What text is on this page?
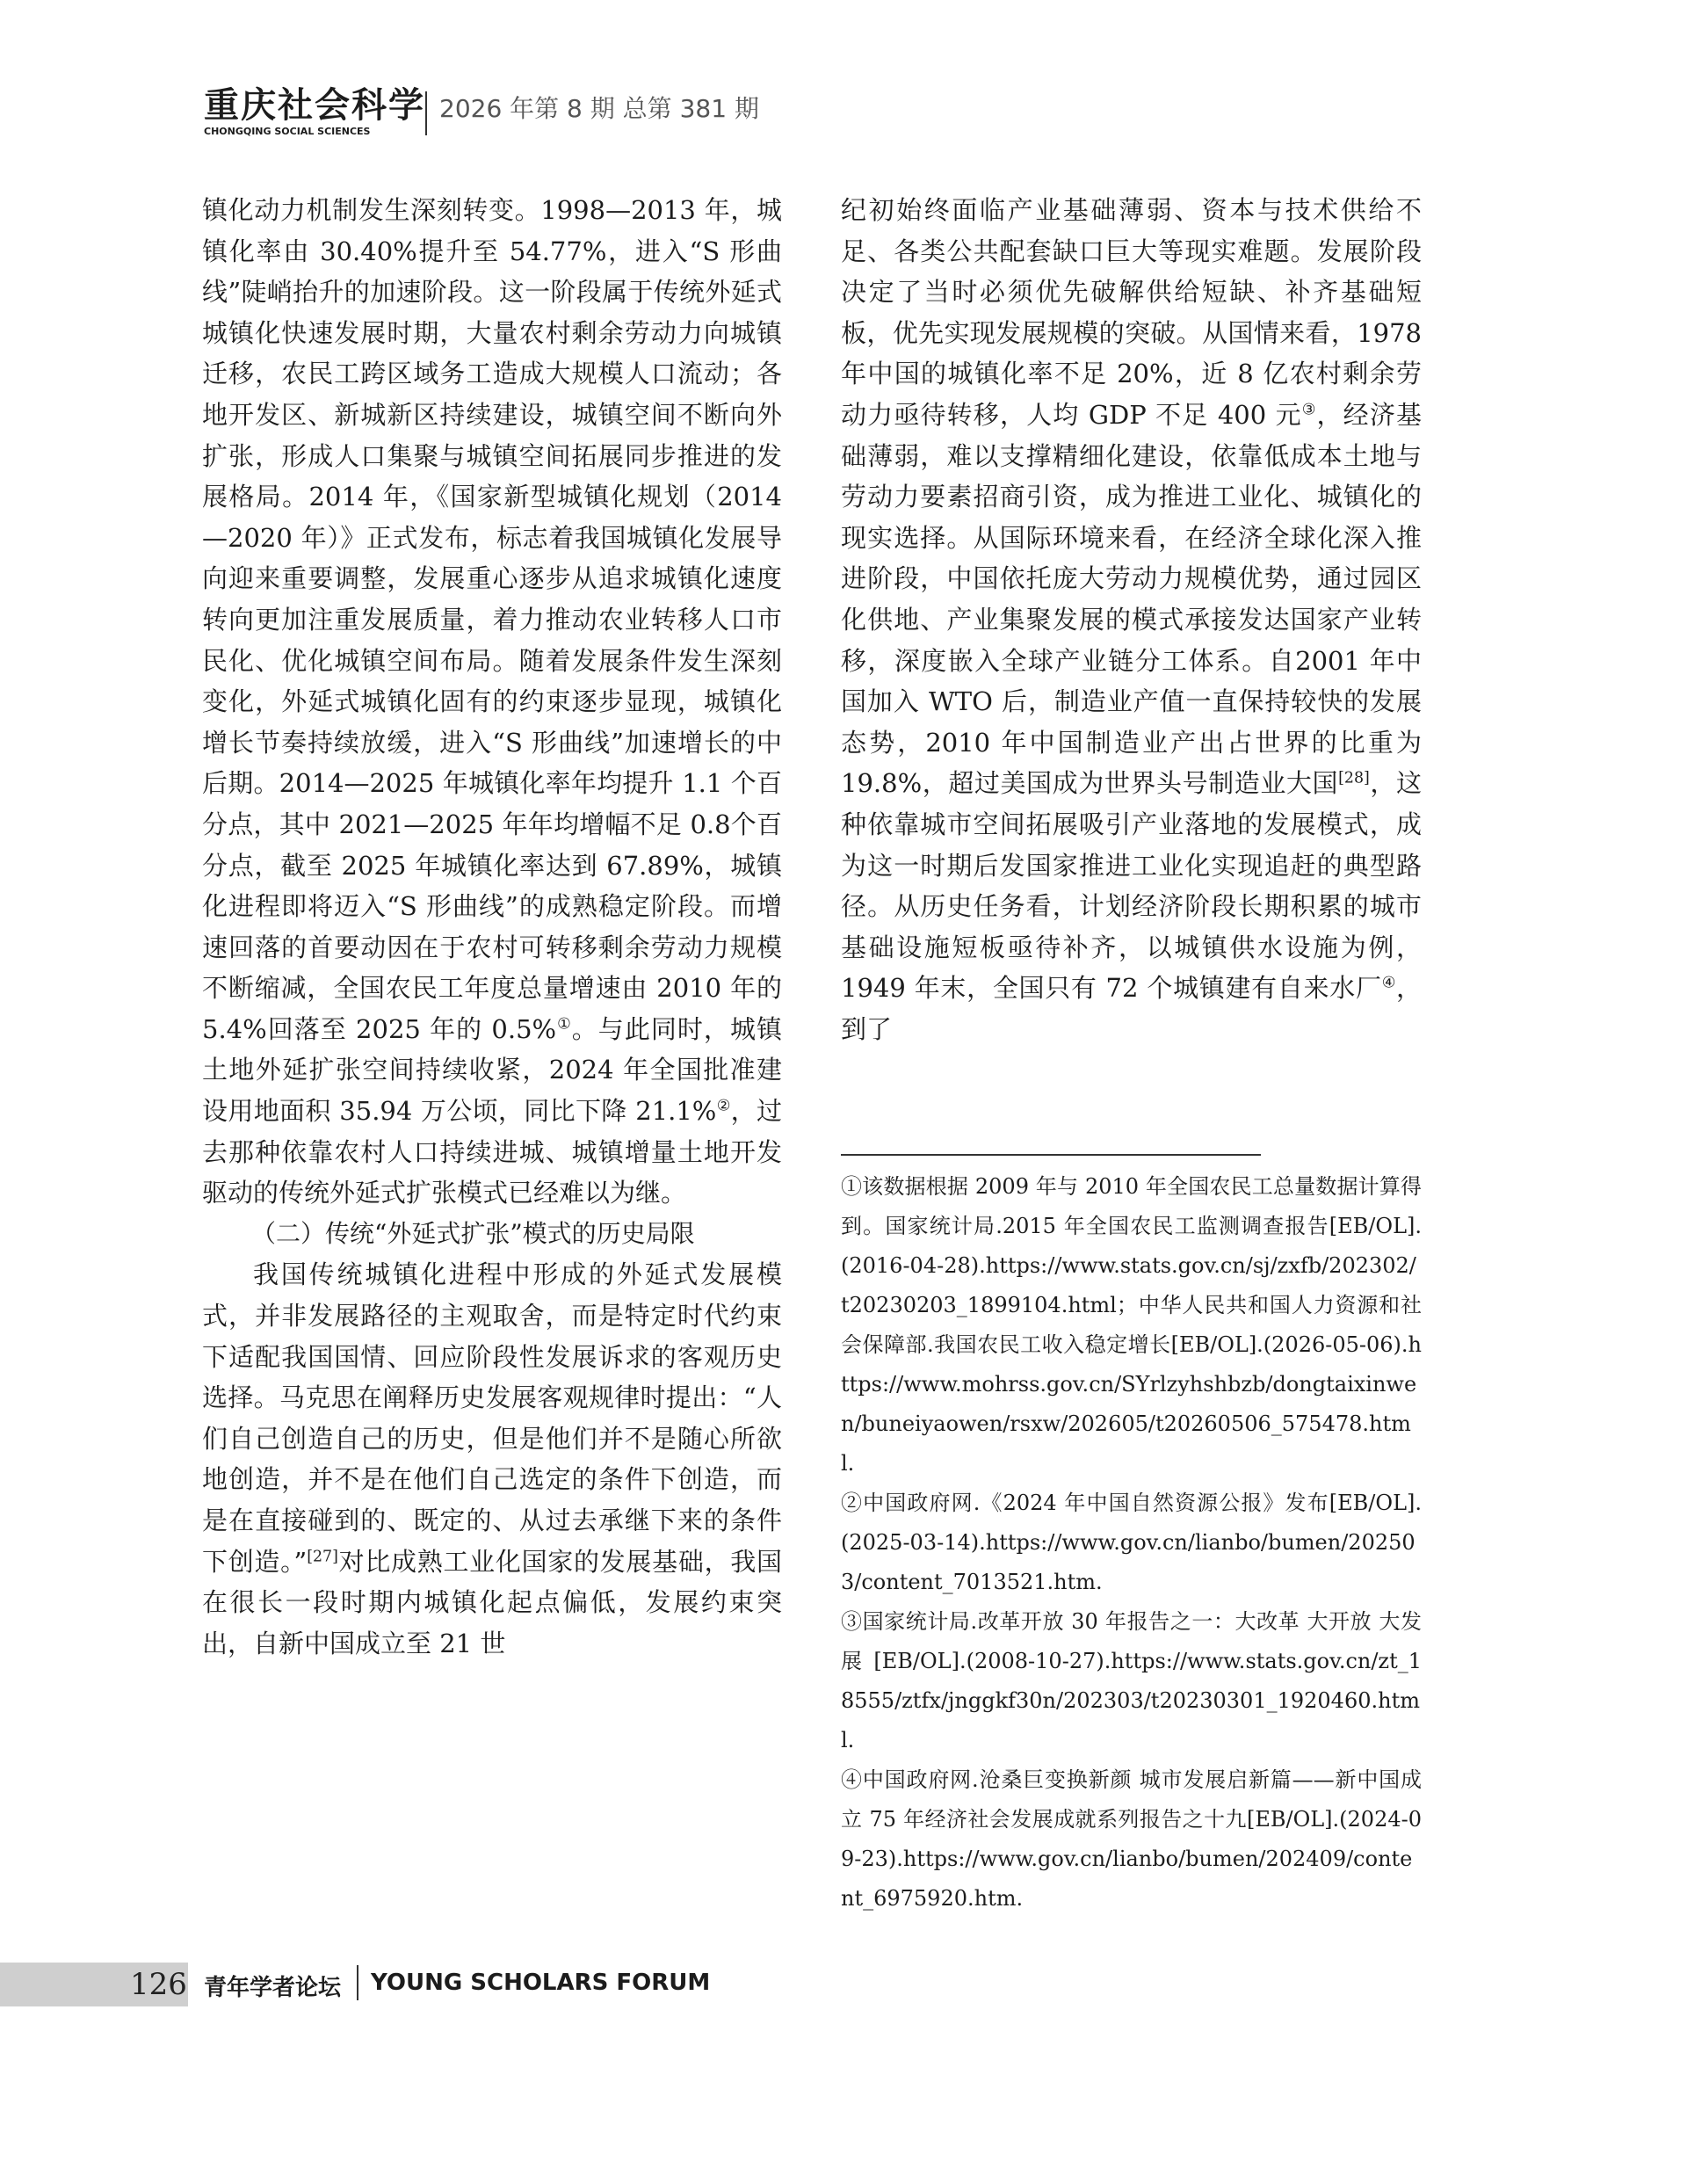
重庆社会科学
CHONGQING SOCIAL SCIENCES
2026 年第 8 期 总第 381 期

镇化动力机制发生深刻转变。1998—2013 年，城镇化率由 30.40%提升至 54.77%，进入“S 形曲线”陡峭抬升的加速阶段。这一阶段属于传统外延式城镇化快速发展时期，大量农村剩余劳动力向城镇迁移，农民工跨区域务工造成大规模人口流动；各地开发区、新城新区持续建设，城镇空间不断向外扩张，形成人口集聚与城镇空间拓展同步推进的发展格局。2014 年，《国家新型城镇化规划（2014—2020 年）》正式发布，标志着我国城镇化发展导向迎来重要调整，发展重心逐步从追求城镇化速度转向更加注重发展质量，着力推动农业转移人口市民化、优化城镇空间布局。随着发展条件发生深刻变化，外延式城镇化固有的约束逐步显现，城镇化增长节奏持续放缓，进入“S 形曲线”加速增长的中后期。2014—2025 年城镇化率年均提升 1.1 个百分点，其中 2021—2025 年年均增幅不足 0.8个百分点，截至 2025 年城镇化率达到 67.89%，城镇化进程即将迈入“S 形曲线”的成熟稳定阶段。而增速回落的首要动因在于农村可转移剩余劳动力规模不断缩减，全国农民工年度总量增速由 2010 年的5.4%回落至 2025 年的 0.5%①。与此同时，城镇土地外延扩张空间持续收紧，2024 年全国批准建设用地面积 35.94 万公顷，同比下降 21.1%②，过去那种依靠农村人口持续进城、城镇增量土地开发驱动的传统外延式扩张模式已经难以为继。

（二）传统“外延式扩张”模式的历史局限

我国传统城镇化进程中形成的外延式发展模式，并非发展路径的主观取舍，而是特定时代约束下适配我国国情、回应阶段性发展诉求的客观历史选择。马克思在阐释历史发展客观规律时提出：“人们自己创造自己的历史，但是他们并不是随心所欲地创造，并不是在他们自己选定的条件下创造，而是在直接碰到的、既定的、从过去承继下来的条件下创造。”[27]对比成熟工业化国家的发展基础，我国在很长一段时期内城镇化起点偏低，发展约束突出，自新中国成立至 21 世

纪初始终面临产业基础薄弱、资本与技术供给不足、各类公共配套缺口巨大等现实难题。发展阶段决定了当时必须优先破解供给短缺、补齐基础短板，优先实现发展规模的突破。从国情来看，1978 年中国的城镇化率不足 20%，近 8 亿农村剩余劳动力亟待转移，人均 GDP 不足 400 元③，经济基础薄弱，难以支撑精细化建设，依靠低成本土地与劳动力要素招商引资，成为推进工业化、城镇化的现实选择。从国际环境来看，在经济全球化深入推进阶段，中国依托庞大劳动力规模优势，通过园区化供地、产业集聚发展的模式承接发达国家产业转移，深度嵌入全球产业链分工体系。自2001 年中国加入 WTO 后，制造业产值一直保持较快的发展态势，2010 年中国制造业产出占世界的比重为 19.8%，超过美国成为世界头号制造业大国[28]，这种依靠城市空间拓展吸引产业落地的发展模式，成为这一时期后发国家推进工业化实现追赶的典型路径。从历史任务看，计划经济阶段长期积累的城市基础设施短板亟待补齐，以城镇供水设施为例，1949 年末，全国只有 72 个城镇建有自来水厂④，到了

①该数据根据 2009 年与 2010 年全国农民工总量数据计算得到。国家统计局.2015 年全国农民工监测调查报告[EB/OL].(2016-04-28).https://www.stats.gov.cn/sj/zxfb/202302/t20230203_1899104.html；中华人民共和国人力资源和社会保障部.我国农民工收入稳定增长[EB/OL].(2026-05-06).https://www.mohrss.gov.cn/SYrlzyhshbzb/dongtaixinwen/buneiyaowen/rsxw/202605/t20260506_575478.html.

②中国政府网.《2024 年中国自然资源公报》发布[EB/OL].(2025-03-14).https://www.gov.cn/lianbo/bumen/202503/content_7013521.htm.

③国家统计局.改革开放 30 年报告之一：大改革 大开放 大发展[EB/OL].(2008-10-27).https://www.stats.gov.cn/zt_18555/ztfx/jnggkf30n/202303/t20230301_1920460.html.

④中国政府网.沧桑巨变换新颜 城市发展启新篇——新中国成立 75 年经济社会发展成就系列报告之十九[EB/OL].(2024-09-23).https://www.gov.cn/lianbo/bumen/202409/content_6975920.htm.

126 青年学者论坛 YOUNG SCHOLARS FORUM
